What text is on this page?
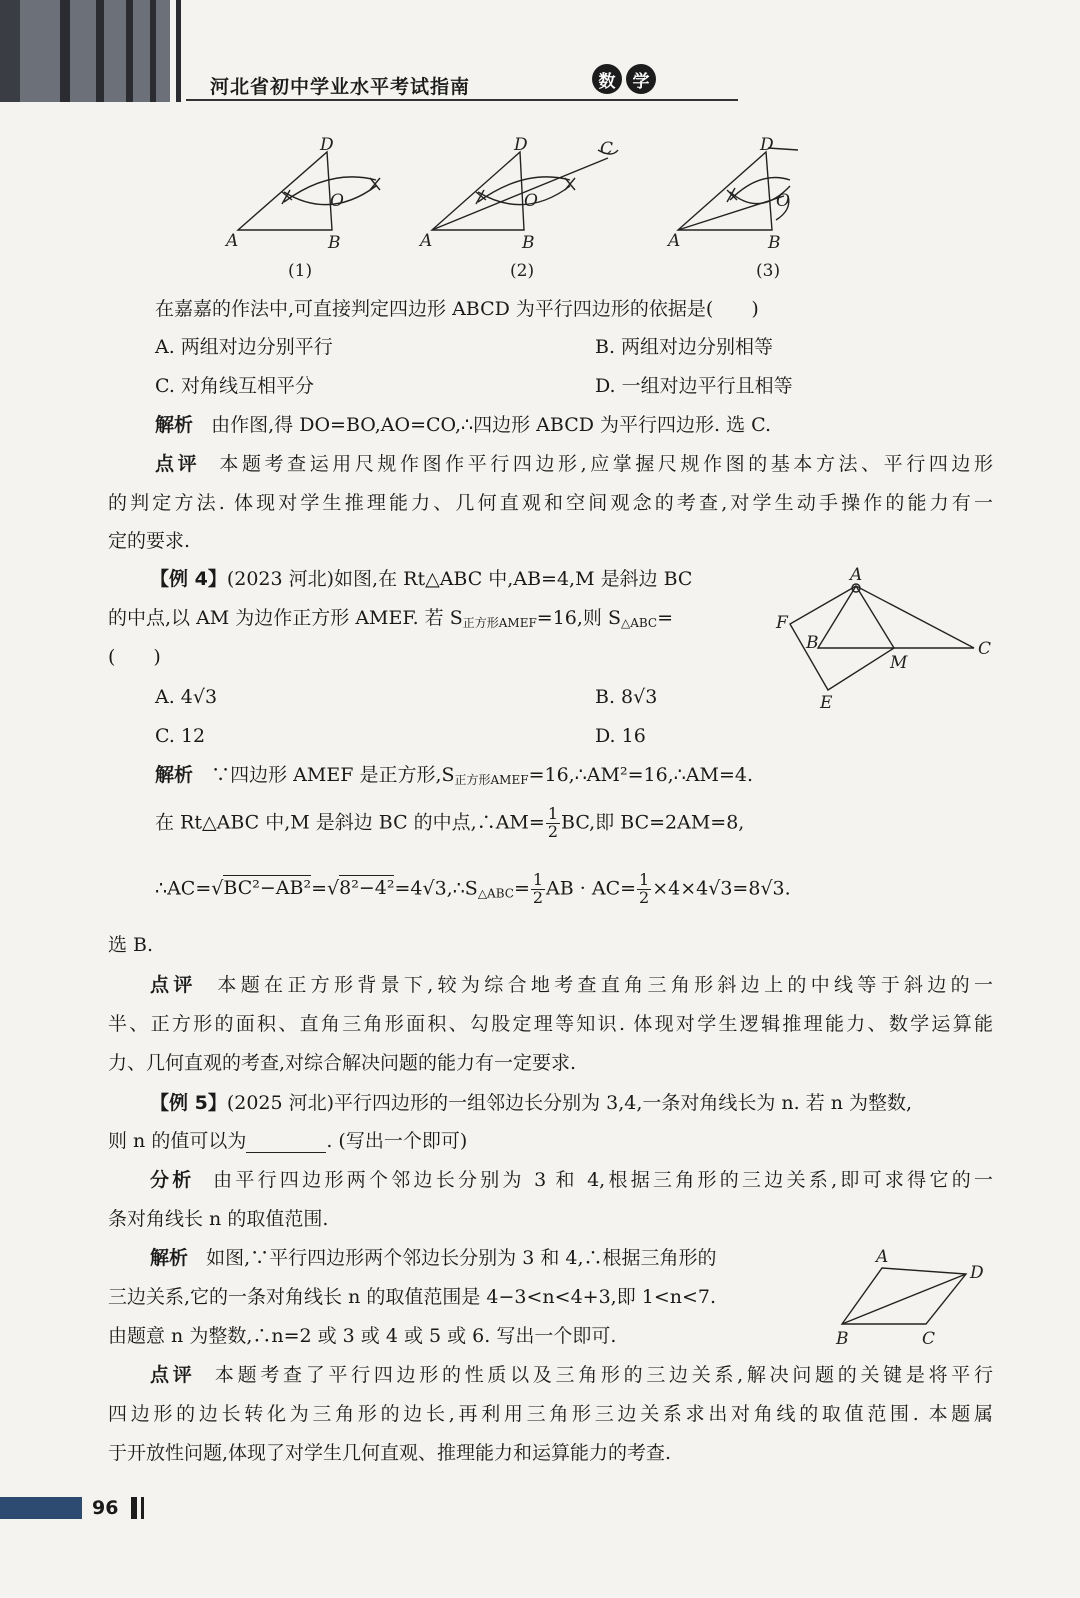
河北省初中学业水平考试指南	数	学
A	B
D
O
A	B
D
O
C
A	B
D
O
(1)	(2)	(3)
在嘉嘉的作法中,可直接判定四边形 ABCD 为平行四边形的依据是(　　)
A. 两组对边分别平行	B. 两组对边分别相等
C. 对角线互相平分	D. 一组对边平行且相等
解析 由作图,得 DO=BO,AO=CO,∴四边形 ABCD 为平行四边形. 选 C.
点评 本题考查运用尺规作图作平行四边形,应掌握尺规作图的基本方法、平行四边形
的判定方法. 体现对学生推理能力、几何直观和空间观念的考查,对学生动手操作的能力有一
定的要求.
【例 4】(2023 河北)如图,在 Rt△ABC 中,AB=4,M 是斜边 BC
的中点,以 AM 为边作正方形 AMEF. 若 $S_{正方形AMEF}=16$,则 $S_{\triangle ABC}=$
(　　)
A
B	C
M
E
F
A. 4√3	B. 8√3
C. 12	D. 16
解析 ∵四边形 AMEF 是正方形$,S_{正方形AMEF}=16,\therefore AM^2=16,\therefore AM=4$.
在 Rt△ABC 中,M 是斜边 BC 的中点,∴AM= $\frac{1}{2}$ BC,即 BC=2AM=8,
$\therefore AC=√BC^2-AB^2=√8^2-4^2=4√3,\therefore S_{\triangle ABC}= \frac{1}{2}$ AB · $AC= \frac{1}{2} \times 4\times 4√3=8√3$.
选 B.
点评 本题在正方形背景下,较为综合地考查直角三角形斜边上的中线等于斜边的一
半、正方形的面积、直角三角形面积、勾股定理等知识. 体现对学生逻辑推理能力、数学运算能
力、几何直观的考查,对综合解决问题的能力有一定要求.
【例 5】(2025 河北)平行四边形的一组邻边长分别为 3,4,一条对角线长为 n. 若 n 为整数,
则 n 的值可以为	. (写出一个即可)
分析 由平行四边形两个邻边长分别为 3 和 4,根据三角形的三边关系,即可求得它的一
条对角线长 n 的取值范围.
解析 如图,∵平行四边形两个邻边长分别为 3 和 4,∴根据三角形的
三边关系,它的一条对角线长 n 的取值范围是 4−3<n<4+3,即 1<n<7.
由题意 n 为整数,∴n=2 或 3 或 4 或 5 或 6. 写出一个即可.
A
D
B	C
点评 本题考查了平行四边形的性质以及三角形的三边关系,解决问题的关键是将平行
四边形的边长转化为三角形的边长,再利用三角形三边关系求出对角线的取值范围. 本题属
于开放性问题,体现了对学生几何直观、推理能力和运算能力的考查.
96
